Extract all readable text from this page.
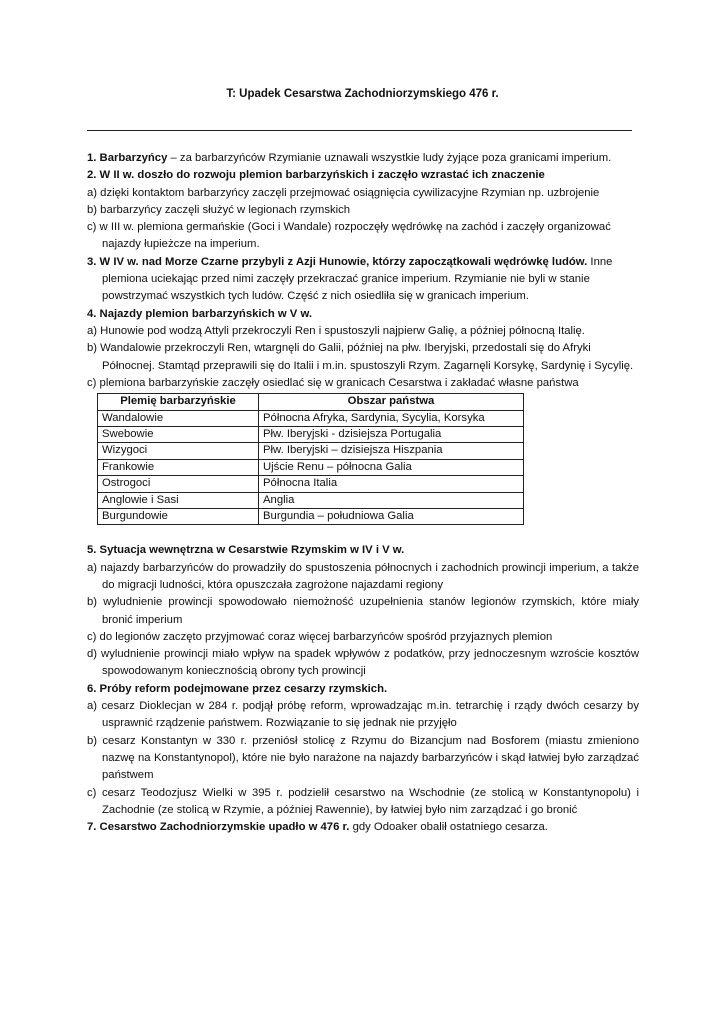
T: Upadek Cesarstwa Zachodniorzymskiego 476 r.

1. Barbarzyńcy – za barbarzyńców Rzymianie uznawali wszystkie ludy żyjące poza granicami imperium.

2. W II w. doszło do rozwoju plemion barbarzyńskich i zaczęło wzrastać ich znaczenie

a) dzięki kontaktom barbarzyńcy zaczęli przejmować osiągnięcia cywilizacyjne Rzymian np. uzbrojenie

b) barbarzyńcy zaczęli służyć w legionach rzymskich

c) w III w. plemiona germańskie (Goci i Wandale) rozpoczęły wędrówkę na zachód i zaczęły organizować najazdy łupieżcze na imperium.

3. W IV w. nad Morze Czarne przybyli z Azji Hunowie, którzy zapoczątkowali wędrówkę ludów. Inne plemiona uciekając przed nimi zaczęły przekraczać granice imperium. Rzymianie nie byli w stanie powstrzymać wszystkich tych ludów. Część z nich osiedliła się w granicach imperium.

4. Najazdy plemion barbarzyńskich w V w.

a) Hunowie pod wodzą Attyli przekroczyli Ren i spustoszyli najpierw Galię, a później północną Italię.

b) Wandalowie przekroczyli Ren, wtargnęli do Galii, później na płw. Iberyjski, przedostali się do Afryki Północnej. Stamtąd przeprawili się do Italii i m.in. spustoszyli Rzym. Zagarnęli Korsykę, Sardynię i Sycylię.

c) plemiona barbarzyńskie zaczęły osiedlać się w granicach Cesarstwa i zakładać własne państwa

Plemię barbarzyńskie	Obszar państwa
Wandalowie	Północna Afryka, Sardynia, Sycylia, Korsyka
Swebowie	Płw. Iberyjski - dzisiejsza Portugalia
Wizygoci	Płw. Iberyjski – dzisiejsza Hiszpania
Frankowie	Ujście Renu – północna Galia
Ostrogoci	Północna Italia
Anglowie i Sasi	Anglia
Burgundowie	Burgundia – południowa Galia

5. Sytuacja wewnętrzna w Cesarstwie Rzymskim w IV i V w.

a) najazdy barbarzyńców do prowadziły do spustoszenia północnych i zachodnich prowincji imperium, a także do migracji ludności, która opuszczała zagrożone najazdami regiony

b) wyludnienie prowincji spowodowało niemożność uzupełnienia stanów legionów rzymskich, które miały bronić imperium

c) do legionów zaczęto przyjmować coraz więcej barbarzyńców spośród przyjaznych plemion

d) wyludnienie prowincji miało wpływ na spadek wpływów z podatków, przy jednoczesnym wzroście kosztów spowodowanym koniecznością obrony tych prowincji

6. Próby reform podejmowane przez cesarzy rzymskich.

a) cesarz Dioklecjan w 284 r. podjął próbę reform, wprowadzając m.in. tetrarchię i rządy dwóch cesarzy by usprawnić rządzenie państwem. Rozwiązanie to się jednak nie przyjęło

b) cesarz Konstantyn w 330 r. przeniósł stolicę z Rzymu do Bizancjum nad Bosforem (miastu zmieniono nazwę na Konstantynopol), które nie było narażone na najazdy barbarzyńców i skąd łatwiej było zarządzać państwem

c) cesarz Teodozjusz Wielki w 395 r. podzielił cesarstwo na Wschodnie (ze stolicą w Konstantynopolu) i Zachodnie (ze stolicą w Rzymie, a później Rawennie), by łatwiej było nim zarządzać i go bronić

7. Cesarstwo Zachodniorzymskie upadło w 476 r. gdy Odoaker obalił ostatniego cesarza.
